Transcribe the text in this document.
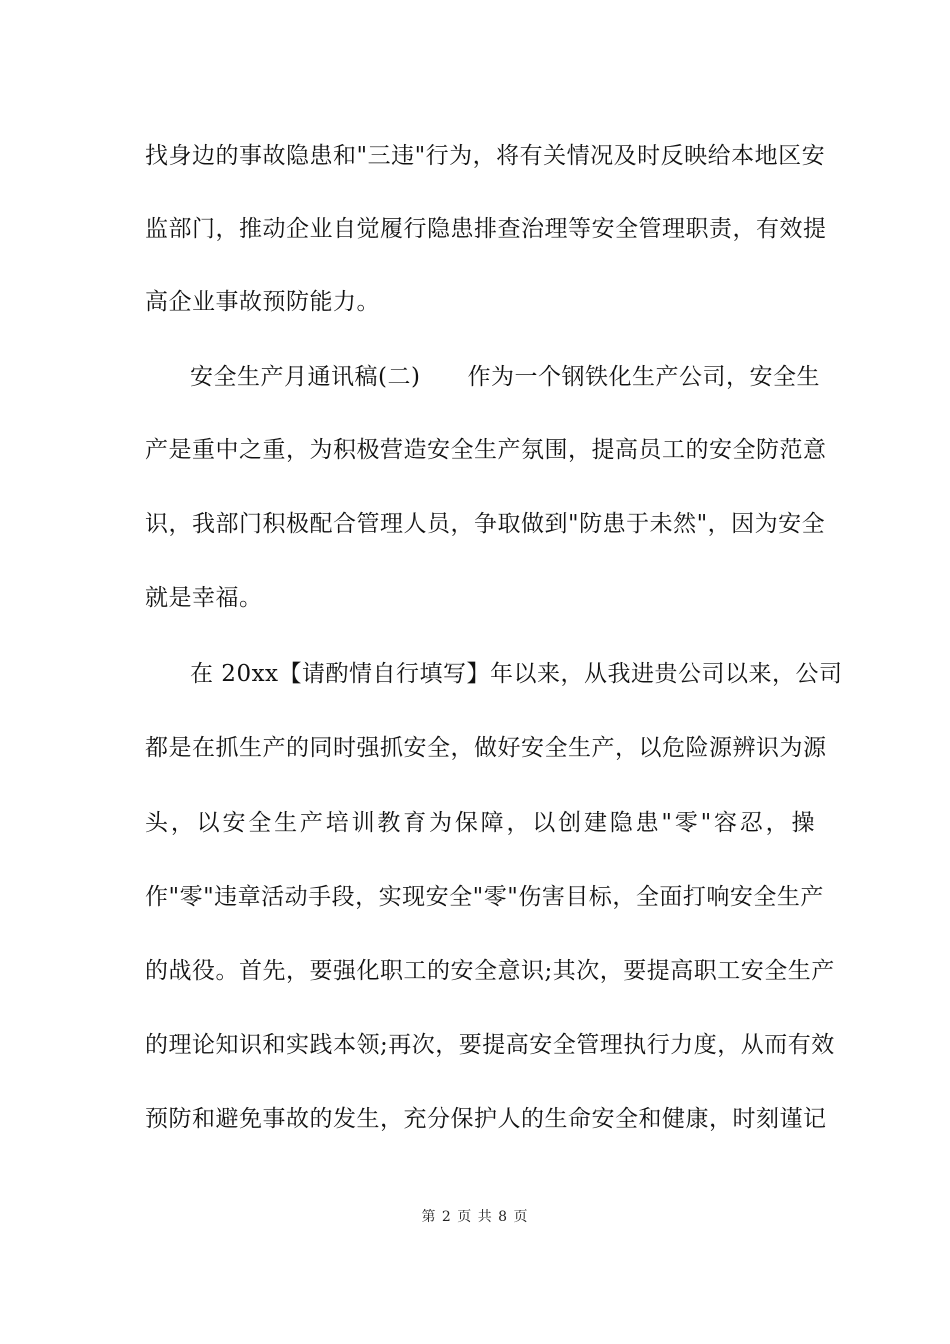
找身边的事故隐患和"三违"行为，将有关情况及时反映给本地区安
监部门，推动企业自觉履行隐患排查治理等安全管理职责，有效提
高企业事故预防能力。
安全生产月通讯稿(二)　　作为一个钢铁化生产公司，安全生
产是重中之重，为积极营造安全生产氛围，提高员工的安全防范意
识，我部门积极配合管理人员，争取做到"防患于未然"，因为安全
就是幸福。
在 20xx【请酌情自行填写】年以来，从我进贵公司以来，公司
都是在抓生产的同时强抓安全，做好安全生产，以危险源辨识为源
头，以安全生产培训教育为保障，以创建隐患"零"容忍，操
作"零"违章活动手段，实现安全"零"伤害目标，全面打响安全生产
的战役。首先，要强化职工的安全意识;其次，要提高职工安全生产
的理论知识和实践本领;再次，要提高安全管理执行力度，从而有效
预防和避免事故的发生，充分保护人的生命安全和健康，时刻谨记
第 2 页 共 8 页
